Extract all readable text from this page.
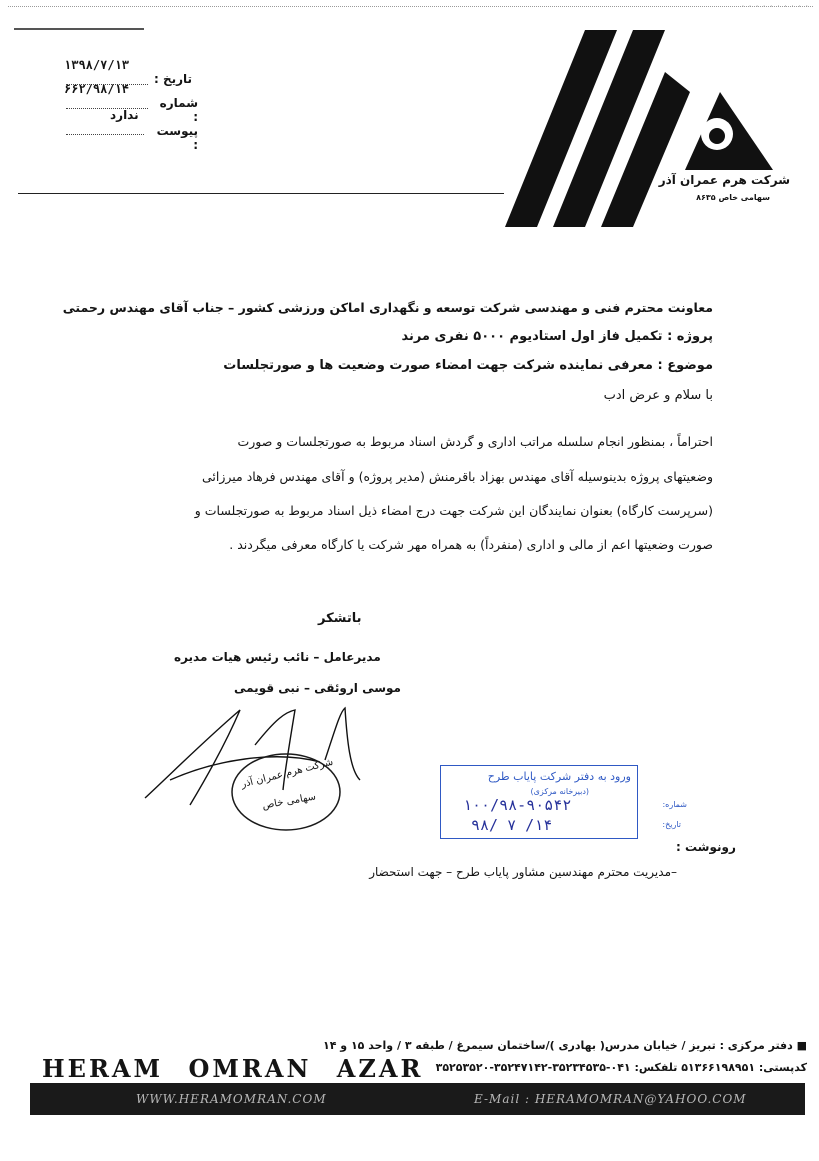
· · · · · · · · · ·
۱۳۹۸/۷/۱۳
تاریخ :
۶۶۲/۹۸/۱۴
شماره :
ندارد
پیوست :
شرکت هرم عمران آذر
سهامی خاص ۸۶۳۵
معاونت محترم فنی و مهندسی شرکت توسعه و نگهداری اماکن ورزشی کشور – جناب آقای مهندس رحمتی
پروژه : تکمیل فاز اول استادیوم ۵۰۰۰ نفری مرند
موضوع : معرفی نماینده شرکت جهت امضاء صورت وضعیت ها و صورتجلسات
با سلام و عرض ادب
احتراماً ، بمنظور انجام سلسله مراتب اداری و گردش اسناد مربوط به صورتجلسات و صورت
وضعیتهای پروژه بدینوسیله آقای مهندس بهزاد باقرمنش (مدیر پروژه) و آقای مهندس فرهاد میرزائی
(سرپرست کارگاه) بعنوان نمایندگان این شرکت جهت درج امضاء ذیل اسناد مربوط به صورتجلسات و
صورت وضعیتها اعم از مالی و اداری (منفرداً) به همراه مهر شرکت یا کارگاه معرفی میگردند .
باتشکر
مدیرعامل – نائب رئیس هیات مدیره
موسی اروئقی – نبی قویمی
شرکت هرم عمران آذر
سهامی خاص
ورود به دفتر شرکت پایاب طرح
(دبیرخانه مرکزی)
شماره:
تاریخ:
۱۰۰/۹۸-۹۰۵۴۲
۹۸/ ۷ /۱۴
رونوشت :
–مدیریت محترم مهندسین مشاور پایاب طرح – جهت استحضار
■ دفتر مرکزی : تبریز / خیابان مدرس( بهادری )/ساختمان سیمرغ / طبقه ۳ / واحد ۱۵ و ۱۴
کدپستی: ۵۱۳۶۶۱۹۸۹۵۱ تلفکس: ۰۴۱-۳۵۲۳۴۵۳۵-۳۵۲۴۷۱۴۲-۳۵۲۵۳۵۲۰
HERAM OMRAN AZAR
WWW.HERAMOMRAN.COM	E-Mail : HERAMOMRAN@YAHOO.COM
